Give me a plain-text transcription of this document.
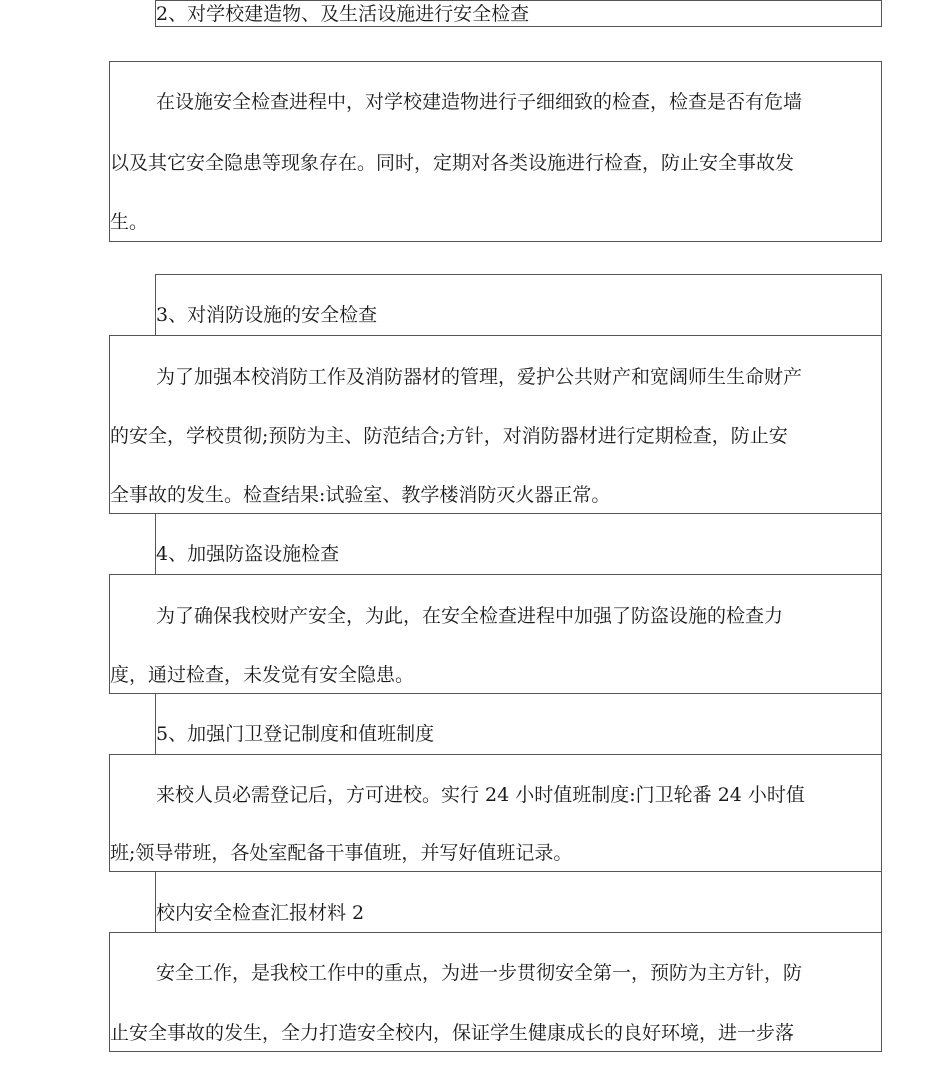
2、对学校建造物、及生活设施进行安全检查
在设施安全检查进程中，对学校建造物进行子细细致的检查，检查是否有危墙
以及其它安全隐患等现象存在。同时，定期对各类设施进行检查，防止安全事故发
生。
3、对消防设施的安全检查
为了加强本校消防工作及消防器材的管理，爱护公共财产和宽阔师生生命财产
的安全，学校贯彻;预防为主、防范结合;方针，对消防器材进行定期检查，防止安
全事故的发生。检查结果:试验室、教学楼消防灭火器正常。
4、加强防盗设施检查
为了确保我校财产安全，为此，在安全检查进程中加强了防盗设施的检查力
度，通过检查，未发觉有安全隐患。
5、加强门卫登记制度和值班制度
来校人员必需登记后，方可进校。实行 24 小时值班制度:门卫轮番 24 小时值
班;领导带班，各处室配备干事值班，并写好值班记录。
校内安全检查汇报材料 2
安全工作，是我校工作中的重点，为进一步贯彻安全第一，预防为主方针，防
止安全事故的发生，全力打造安全校内，保证学生健康成长的良好环境，进一步落
